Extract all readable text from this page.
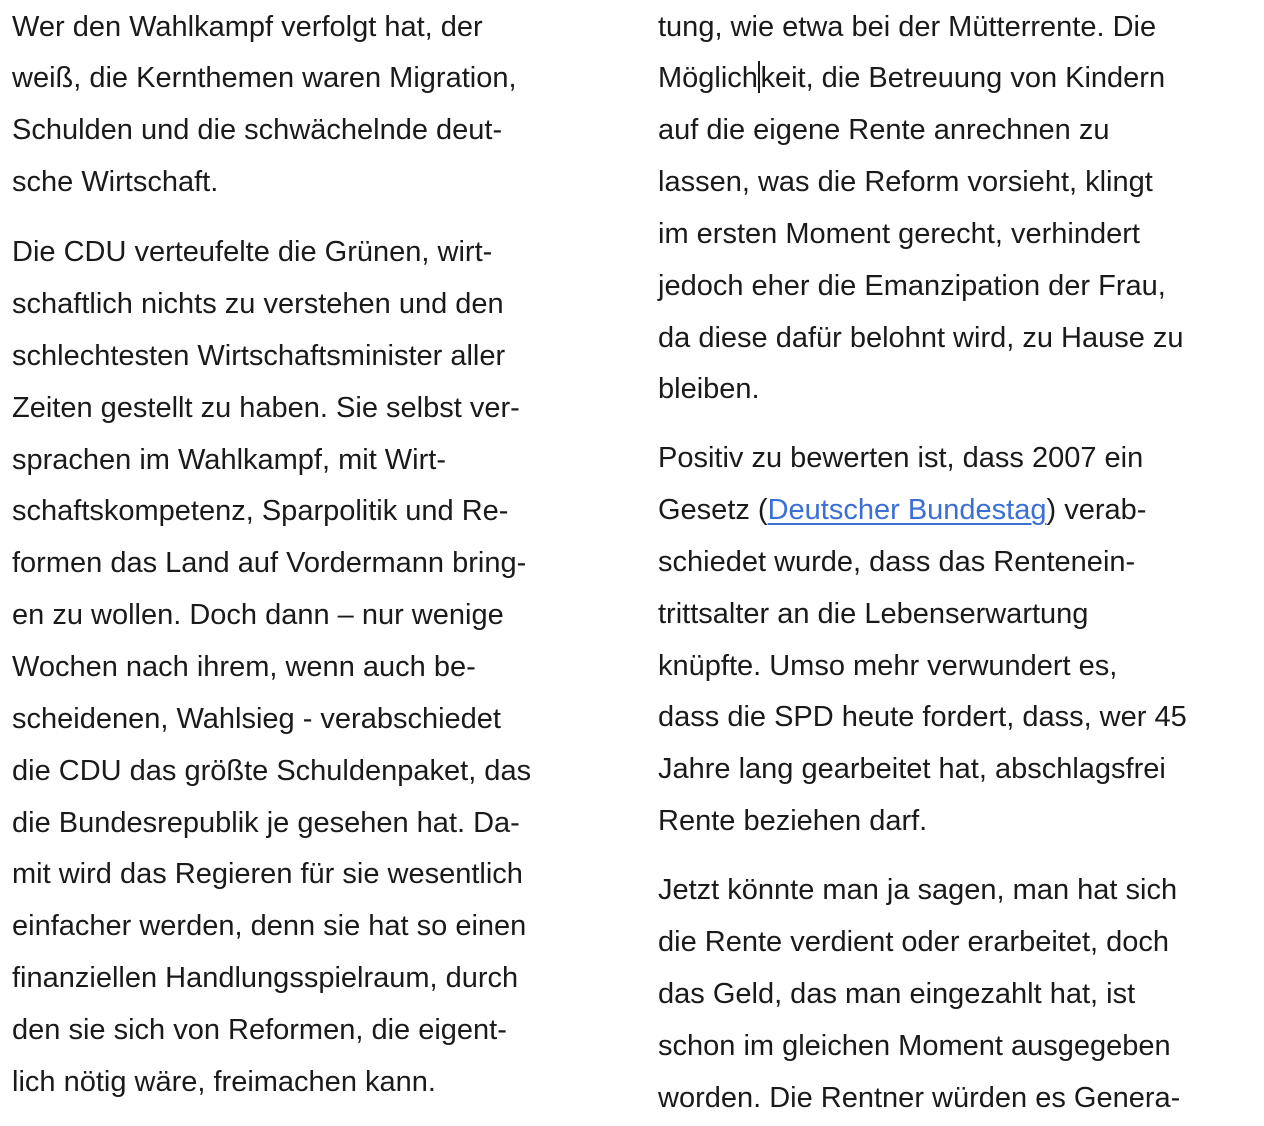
Wer den Wahlkampf verfolgt hat, der
weiß, die Kernthemen waren Migration,
Schulden und die schwächelnde deut-
sche Wirtschaft.
Die CDU verteufelte die Grünen, wirt-
schaftlich nichts zu verstehen und den
schlechtesten Wirtschaftsminister aller
Zeiten gestellt zu haben. Sie selbst ver-
sprachen im Wahlkampf, mit Wirt-
schaftskompetenz, Sparpolitik und Re-
formen das Land auf Vordermann bring-
en zu wollen. Doch dann – nur wenige
Wochen nach ihrem, wenn auch be-
scheidenen, Wahlsieg - verabschiedet
die CDU das größte Schuldenpaket, das
die Bundesrepublik je gesehen hat. Da-
mit wird das Regieren für sie wesentlich
einfacher werden, denn sie hat so einen
finanziellen Handlungsspielraum, durch
den sie sich von Reformen, die eigent-
lich nötig wäre, freimachen kann.
tung, wie etwa bei der Mütterrente. Die
Möglichkeit, die Betreuung von Kindern
auf die eigene Rente anrechnen zu
lassen, was die Reform vorsieht, klingt
im ersten Moment gerecht, verhindert
jedoch eher die Emanzipation der Frau,
da diese dafür belohnt wird, zu Hause zu
bleiben.
Positiv zu bewerten ist, dass 2007 ein
Gesetz (Deutscher Bundestag) verab-
schiedet wurde, dass das Rentenein-
trittsalter an die Lebenserwartung
knüpfte. Umso mehr verwundert es,
dass die SPD heute fordert, dass, wer 45
Jahre lang gearbeitet hat, abschlagsfrei
Rente beziehen darf.
Jetzt könnte man ja sagen, man hat sich
die Rente verdient oder erarbeitet, doch
das Geld, das man eingezahlt hat, ist
schon im gleichen Moment ausgegeben
worden. Die Rentner würden es Genera-
